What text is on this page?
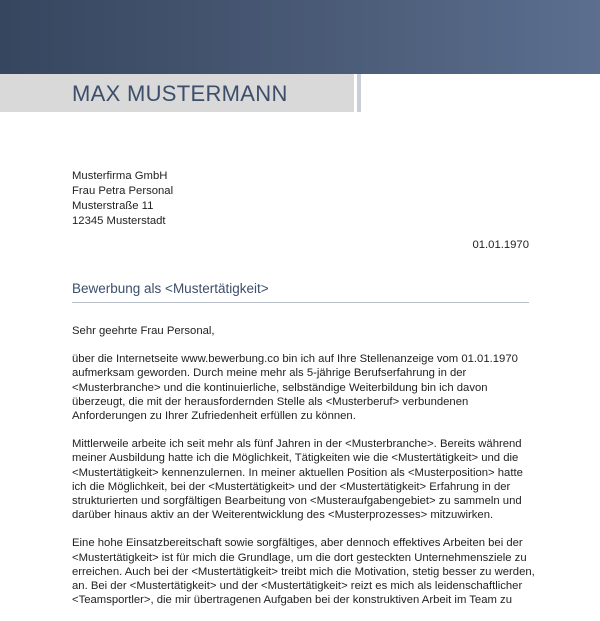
MAX MUSTERMANN
Musterfirma GmbH
Frau Petra Personal
Musterstraße 11
12345 Musterstadt
01.01.1970
Bewerbung als <Mustertätigkeit>
Sehr geehrte Frau Personal,
über die Internetseite www.bewerbung.co bin ich auf Ihre Stellenanzeige vom 01.01.1970
aufmerksam geworden. Durch meine mehr als 5-jährige Berufserfahrung in der
<Musterbranche> und die kontinuierliche, selbständige Weiterbildung bin ich davon
überzeugt, die mit der herausfordernden Stelle als <Musterberuf> verbundenen
Anforderungen zu Ihrer Zufriedenheit erfüllen zu können.
Mittlerweile arbeite ich seit mehr als fünf Jahren in der <Musterbranche>. Bereits während
meiner Ausbildung hatte ich die Möglichkeit, Tätigkeiten wie die <Mustertätigkeit> und die
<Mustertätigkeit> kennenzulernen. In meiner aktuellen Position als <Musterposition> hatte
ich die Möglichkeit, bei der <Mustertätigkeit> und der <Mustertätigkeit> Erfahrung in der
strukturierten und sorgfältigen Bearbeitung von <Musteraufgabengebiet> zu sammeln und
darüber hinaus aktiv an der Weiterentwicklung des <Musterprozesses> mitzuwirken.
Eine hohe Einsatzbereitschaft sowie sorgfältiges, aber dennoch effektives Arbeiten bei der
<Mustertätigkeit> ist für mich die Grundlage, um die dort gesteckten Unternehmensziele zu
erreichen. Auch bei der <Mustertätigkeit> treibt mich die Motivation, stetig besser zu werden,
an. Bei der <Mustertätigkeit> und der <Mustertätigkeit> reizt es mich als leidenschaftlicher
<Teamsportler>, die mir übertragenen Aufgaben bei der konstruktiven Arbeit im Team zu
